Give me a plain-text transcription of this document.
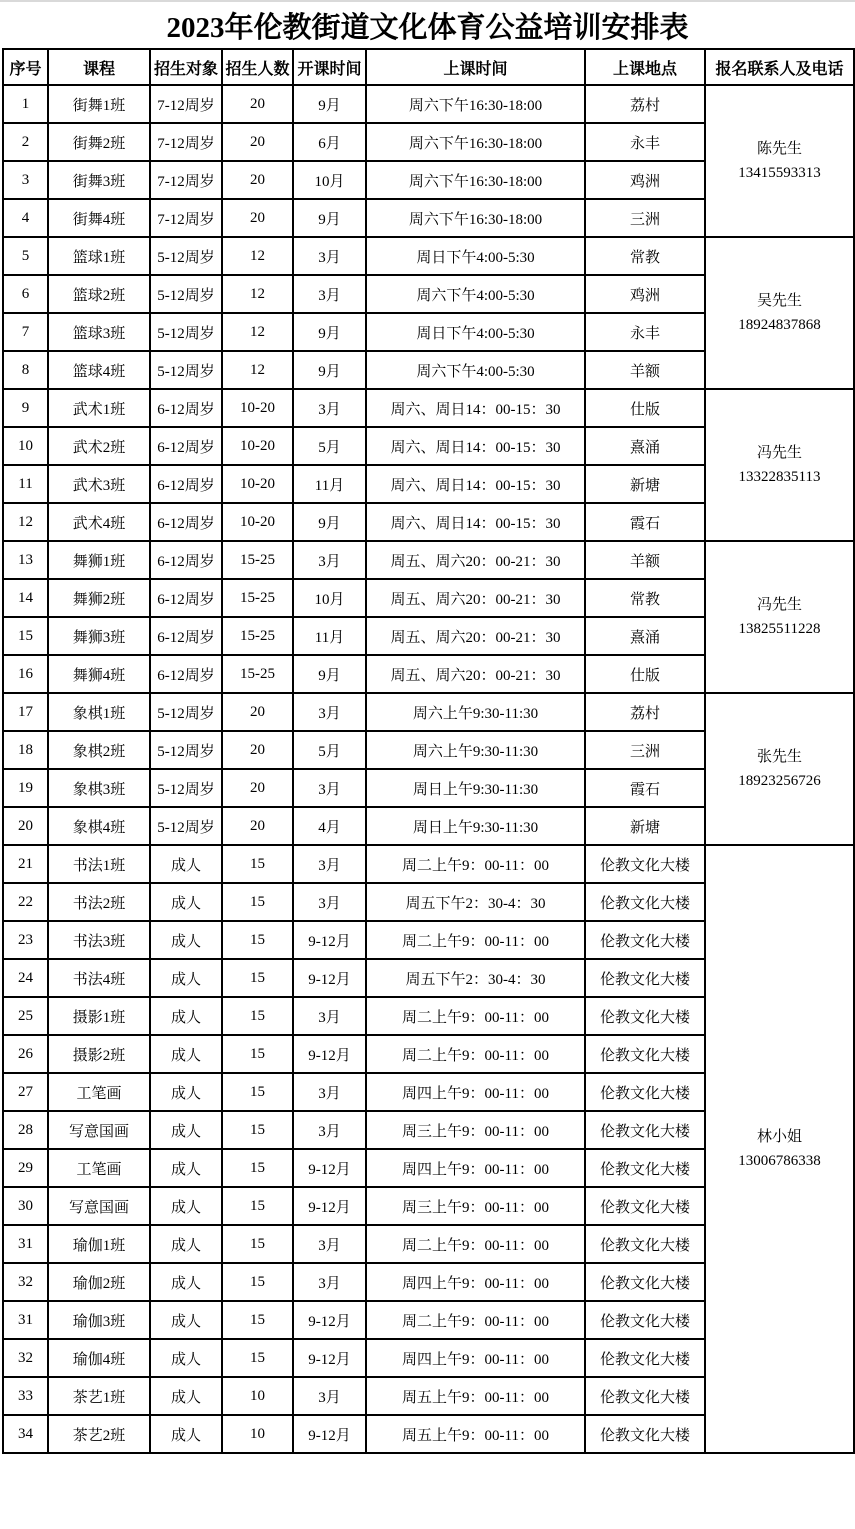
2023年伦教街道文化体育公益培训安排表
序号	课程	招生对象	招生人数	开课时间	上课时间	上课地点	报名联系人及电话
1	街舞1班	7-12周岁	20	9月	周六下午16:30-18:00	荔村	陈先生
13415593313

2	街舞2班	7-12周岁	20	6月	周六下午16:30-18:00	永丰	
3	街舞3班	7-12周岁	20	10月	周六下午16:30-18:00	鸡洲	
4	街舞4班	7-12周岁	20	9月	周六下午16:30-18:00	三洲	
5	篮球1班	5-12周岁	12	3月	周日下午4:00-5:30	常教	吴先生
18924837868

6	篮球2班	5-12周岁	12	3月	周六下午4:00-5:30	鸡洲	
7	篮球3班	5-12周岁	12	9月	周日下午4:00-5:30	永丰	
8	篮球4班	5-12周岁	12	9月	周六下午4:00-5:30	羊额	
9	武术1班	6-12周岁	10-20	3月	周六、周日14：00-15：30	仕版	冯先生
13322835113

10	武术2班	6-12周岁	10-20	5月	周六、周日14：00-15：30	熹涌	
11	武术3班	6-12周岁	10-20	11月	周六、周日14：00-15：30	新塘	
12	武术4班	6-12周岁	10-20	9月	周六、周日14：00-15：30	霞石	
13	舞狮1班	6-12周岁	15-25	3月	周五、周六20：00-21：30	羊额	冯先生
13825511228

14	舞狮2班	6-12周岁	15-25	10月	周五、周六20：00-21：30	常教	
15	舞狮3班	6-12周岁	15-25	11月	周五、周六20：00-21：30	熹涌	
16	舞狮4班	6-12周岁	15-25	9月	周五、周六20：00-21：30	仕版	
17	象棋1班	5-12周岁	20	3月	周六上午9:30-11:30	荔村	张先生
18923256726

18	象棋2班	5-12周岁	20	5月	周六上午9:30-11:30	三洲	
19	象棋3班	5-12周岁	20	3月	周日上午9:30-11:30	霞石	
20	象棋4班	5-12周岁	20	4月	周日上午9:30-11:30	新塘	
21	书法1班	成人	15	3月	周二上午9：00-11：00	伦教文化大楼	林小姐
13006786338

22	书法2班	成人	15	3月	周五下午2：30-4：30	伦教文化大楼	
23	书法3班	成人	15	9-12月	周二上午9：00-11：00	伦教文化大楼	
24	书法4班	成人	15	9-12月	周五下午2：30-4：30	伦教文化大楼	
25	摄影1班	成人	15	3月	周二上午9：00-11：00	伦教文化大楼	
26	摄影2班	成人	15	9-12月	周二上午9：00-11：00	伦教文化大楼	
27	工笔画	成人	15	3月	周四上午9：00-11：00	伦教文化大楼	
28	写意国画	成人	15	3月	周三上午9：00-11：00	伦教文化大楼	
29	工笔画	成人	15	9-12月	周四上午9：00-11：00	伦教文化大楼	
30	写意国画	成人	15	9-12月	周三上午9：00-11：00	伦教文化大楼	
31	瑜伽1班	成人	15	3月	周二上午9：00-11：00	伦教文化大楼	
32	瑜伽2班	成人	15	3月	周四上午9：00-11：00	伦教文化大楼	
31	瑜伽3班	成人	15	9-12月	周二上午9：00-11：00	伦教文化大楼	
32	瑜伽4班	成人	15	9-12月	周四上午9：00-11：00	伦教文化大楼	
33	茶艺1班	成人	10	3月	周五上午9：00-11：00	伦教文化大楼	
34	茶艺2班	成人	10	9-12月	周五上午9：00-11：00	伦教文化大楼	
